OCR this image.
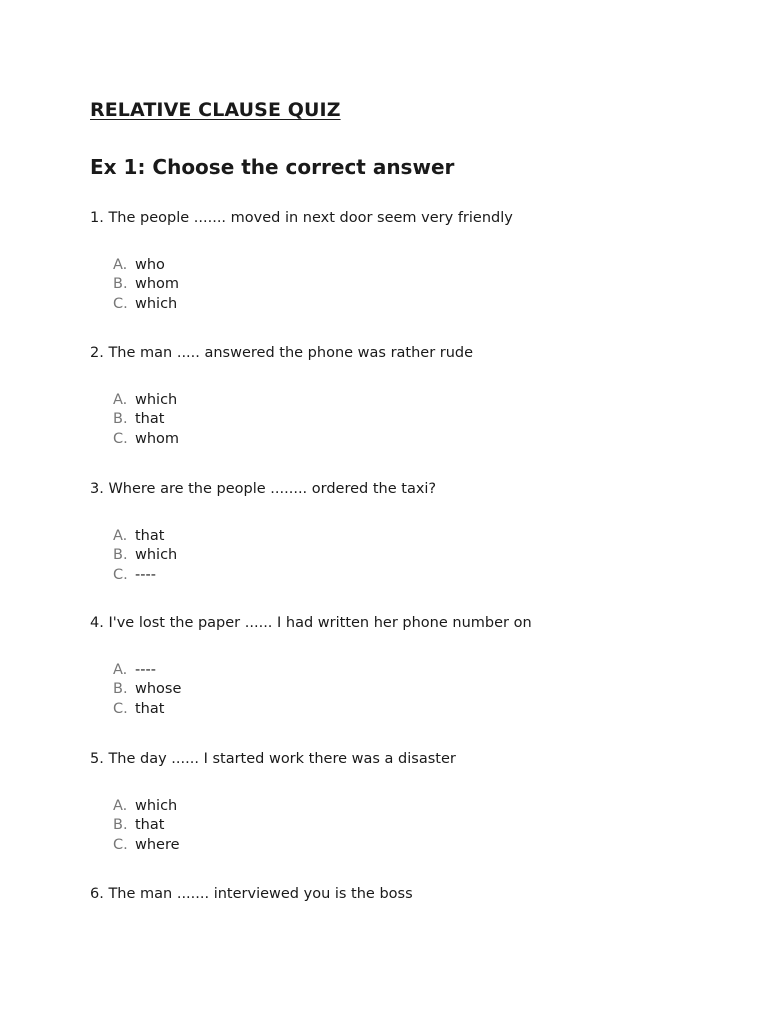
RELATIVE CLAUSE QUIZ
Ex 1: Choose the correct answer

1. The people ....... moved in next door seem very friendly

A. who
B. whom
C. which

2. The man ..... answered the phone was rather rude

A. which
B. that
C. whom

3. Where are the people ........ ordered the taxi?

A. that
B. which
C. ----

4. I've lost the paper ...... I had written her phone number on

A. ----
B. whose
C. that

5. The day ...... I started work there was a disaster

A. which
B. that
C. where

6. The man ....... interviewed you is the boss
